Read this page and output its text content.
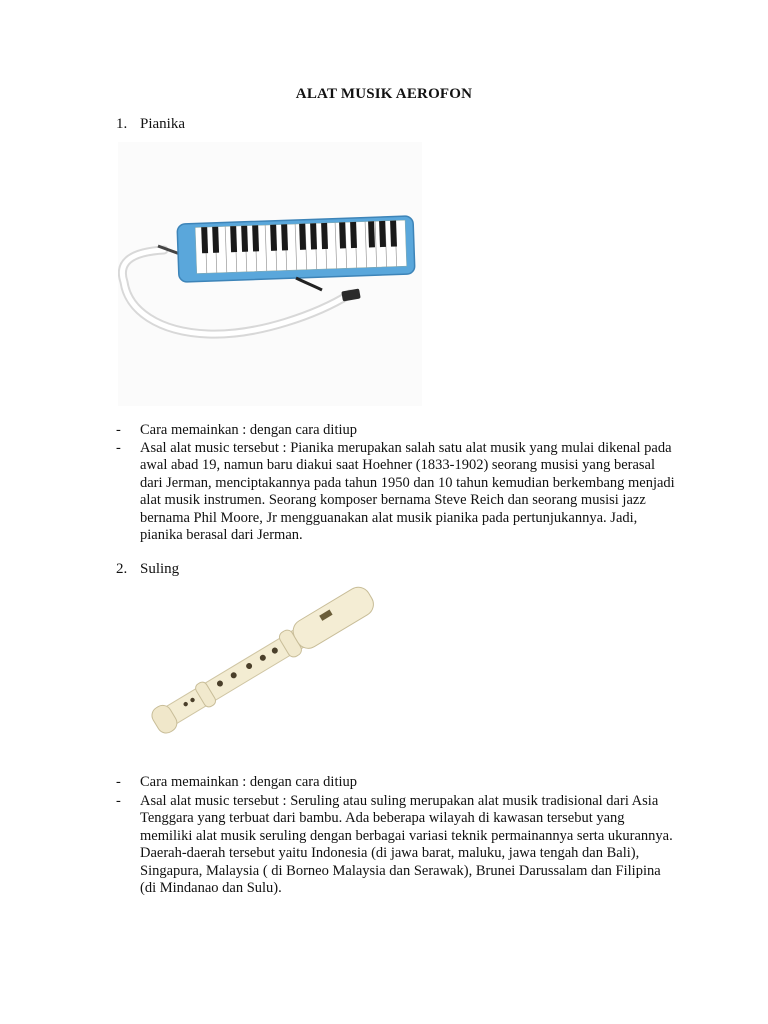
ALAT MUSIK AEROFON
1. Pianika
- Cara memainkan : dengan cara ditiup
- Asal alat music tersebut : Pianika merupakan salah satu alat musik yang mulai dikenal pada awal abad 19, namun baru diakui saat Hoehner (1833-1902) seorang musisi yang berasal dari Jerman, menciptakannya pada tahun 1950 dan 10 tahun kemudian berkembang menjadi alat musik instrumen. Seorang komposer bernama Steve Reich dan seorang musisi jazz bernama Phil Moore, Jr mengguanakan alat musik pianika pada pertunjukannya. Jadi, pianika berasal dari Jerman.
2. Suling
- Cara memainkan : dengan cara ditiup
- Asal alat music tersebut : Seruling atau suling merupakan alat musik tradisional dari Asia Tenggara yang terbuat dari bambu. Ada beberapa wilayah di kawasan tersebut yang memiliki alat musik seruling dengan berbagai variasi teknik permainannya serta ukurannya. Daerah-daerah tersebut yaitu Indonesia (di jawa barat, maluku, jawa tengah dan Bali), Singapura, Malaysia ( di Borneo Malaysia dan Serawak), Brunei Darussalam dan Filipina (di Mindanao dan Sulu).
